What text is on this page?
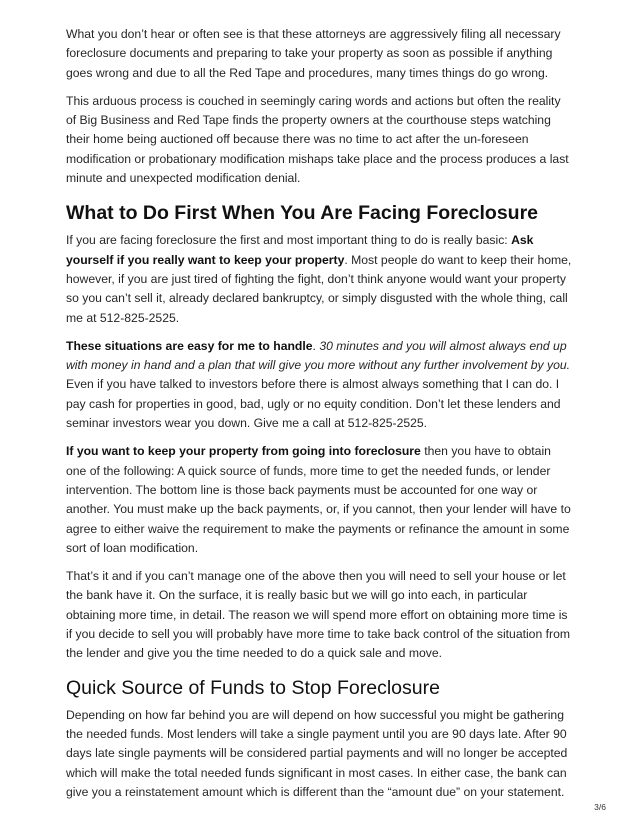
What you don’t hear or often see is that these attorneys are aggressively filing all necessary foreclosure documents and preparing to take your property as soon as possible if anything goes wrong and due to all the Red Tape and procedures, many times things do go wrong.

This arduous process is couched in seemingly caring words and actions but often the reality of Big Business and Red Tape finds the property owners at the courthouse steps watching their home being auctioned off because there was no time to act after the un-foreseen modification or probationary modification mishaps take place and the process produces a last minute and unexpected modification denial.

What to Do First When You Are Facing Foreclosure

If you are facing foreclosure the first and most important thing to do is really basic: Ask yourself if you really want to keep your property. Most people do want to keep their home, however, if you are just tired of fighting the fight, don’t think anyone would want your property so you can’t sell it, already declared bankruptcy, or simply disgusted with the whole thing, call me at 512-825-2525.

These situations are easy for me to handle. 30 minutes and you will almost always end up with money in hand and a plan that will give you more without any further involvement by you. Even if you have talked to investors before there is almost always something that I can do. I pay cash for properties in good, bad, ugly or no equity condition. Don’t let these lenders and seminar investors wear you down. Give me a call at 512-825-2525.

If you want to keep your property from going into foreclosure then you have to obtain one of the following: A quick source of funds, more time to get the needed funds, or lender intervention. The bottom line is those back payments must be accounted for one way or another. You must make up the back payments, or, if you cannot, then your lender will have to agree to either waive the requirement to make the payments or refinance the amount in some sort of loan modification.

That’s it and if you can’t manage one of the above then you will need to sell your house or let the bank have it. On the surface, it is really basic but we will go into each, in particular obtaining more time, in detail. The reason we will spend more effort on obtaining more time is if you decide to sell you will probably have more time to take back control of the situation from the lender and give you the time needed to do a quick sale and move.

Quick Source of Funds to Stop Foreclosure

Depending on how far behind you are will depend on how successful you might be gathering the needed funds. Most lenders will take a single payment until you are 90 days late. After 90 days late single payments will be considered partial payments and will no longer be accepted which will make the total needed funds significant in most cases. In either case, the bank can give you a reinstatement amount which is different than the “amount due” on your statement.

3/6
